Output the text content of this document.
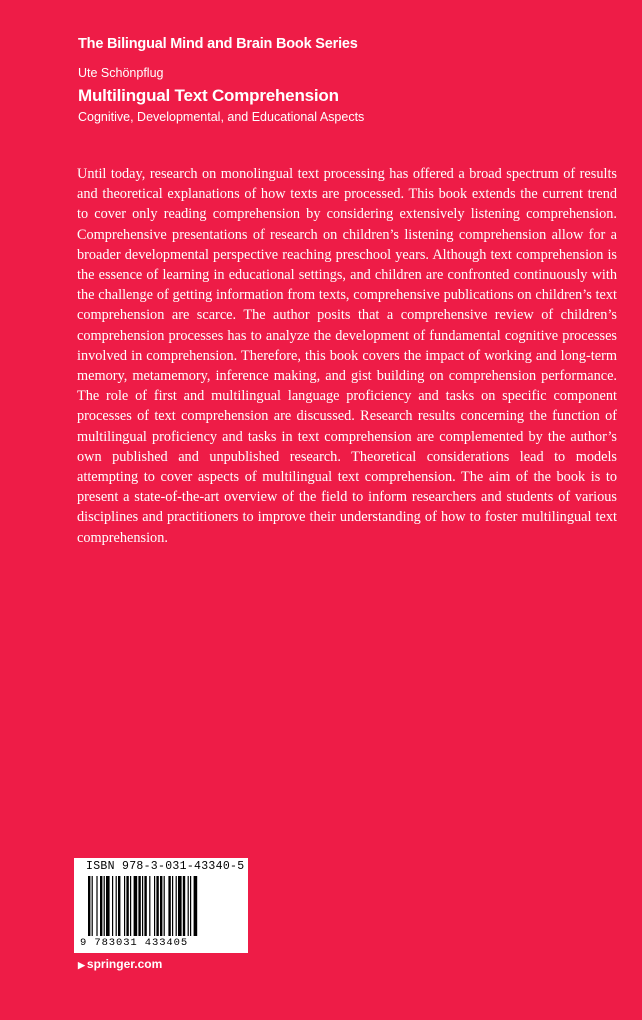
The Bilingual Mind and Brain Book Series
Ute Schönpflug
Multilingual Text Comprehension
Cognitive, Developmental, and Educational Aspects

Until today, research on monolingual text processing has offered a broad spectrum of results and theoretical explanations of how texts are processed. This book extends the current trend to cover only reading comprehension by considering extensively listening comprehension. Comprehensive presentations of research on children’s listening comprehension allow for a broader developmental perspective reaching preschool years. Although text comprehension is the essence of learning in educational settings, and children are confronted continuously with the challenge of getting information from texts, comprehensive publications on children’s text comprehension are scarce. The author posits that a comprehensive review of children’s comprehension processes has to analyze the development of fundamental cognitive processes involved in comprehension. Therefore, this book covers the impact of working and long-term memory, metamemory, inference making, and gist building on comprehension performance. The role of first and multilingual language proficiency and tasks on specific component processes of text comprehension are discussed. Research results concerning the function of multilingual proficiency and tasks in text comprehension are complemented by the author’s own published and unpublished research. Theoretical considerations lead to models attempting to cover aspects of multilingual text comprehension. The aim of the book is to present a state-of-the-art overview of the field to inform researchers and students of various disciplines and practitioners to improve their understanding of how to foster multilingual text comprehension.

ISBN 978-3-031-43340-5
9 783031 433405
▶ springer.com
